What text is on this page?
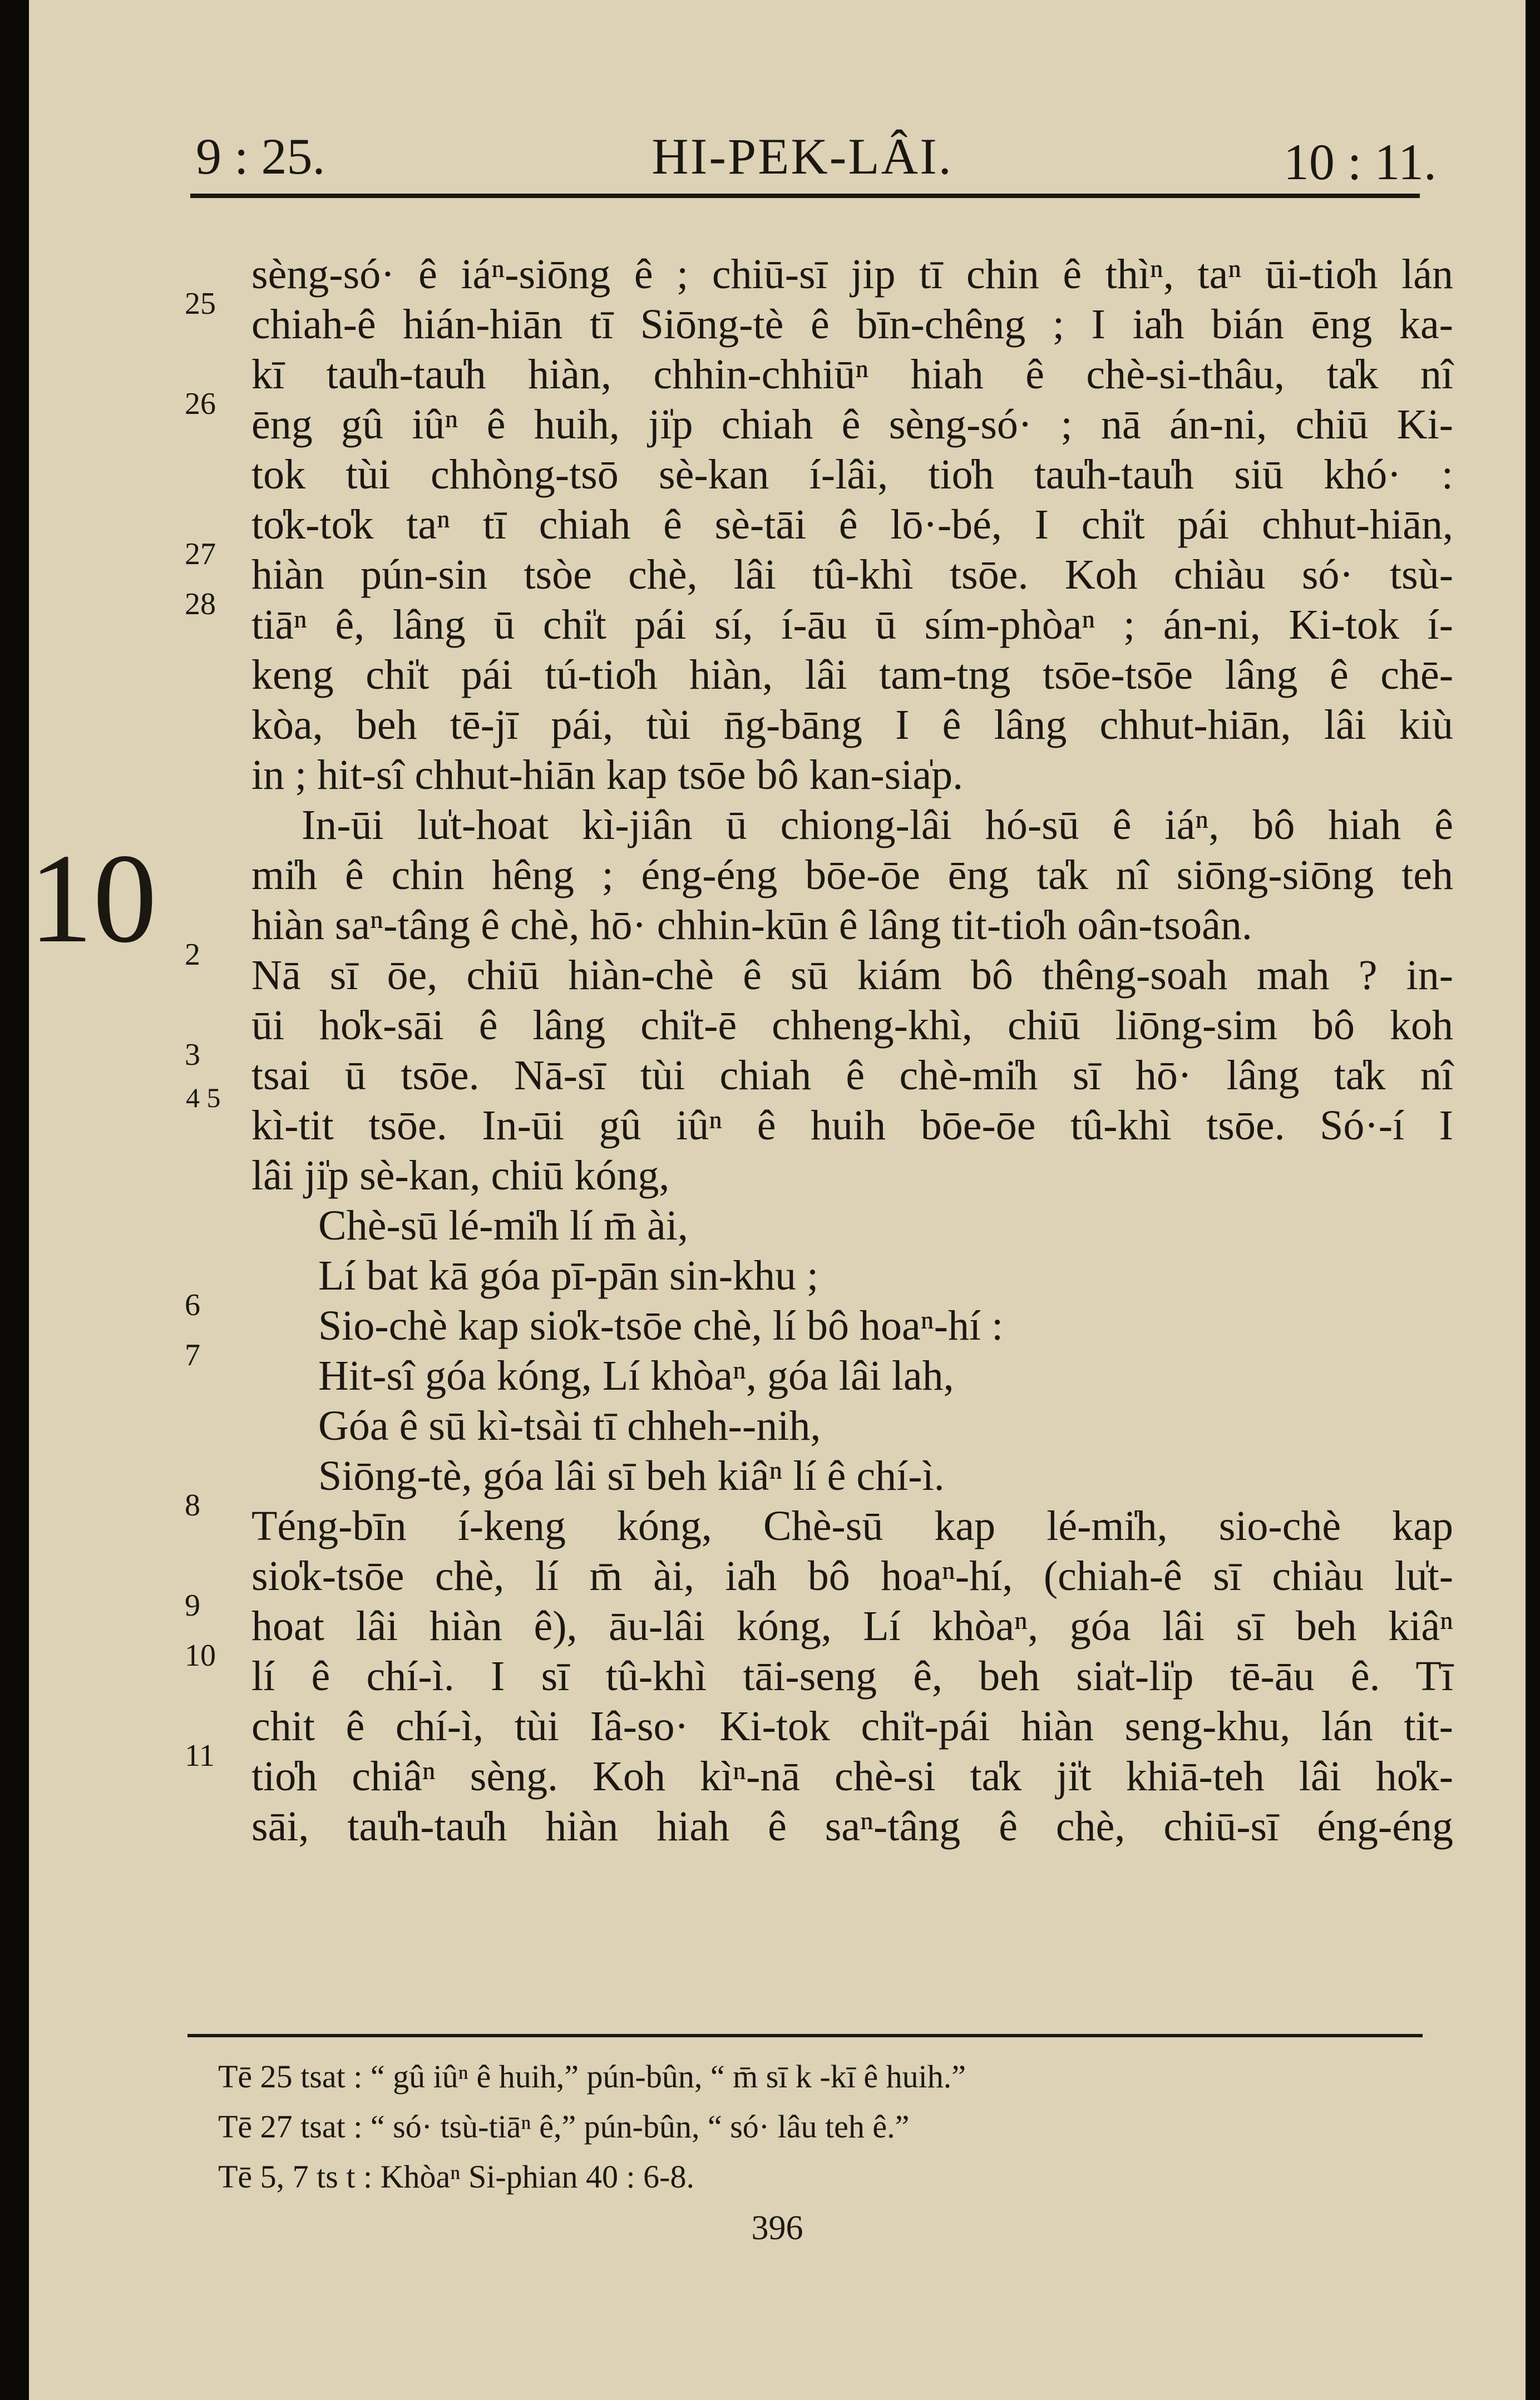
9 : 25.	HI-PEK-LÂI.	10 : 11.
10
sèng-só· ê iáⁿ-siōng ê ; chiū-sī jip tī chin ê thìⁿ, taⁿ ūi-tio̍h lán
25 chiah-ê hián-hiān tī Siōng-tè ê bīn-chêng ; I ia̍h bián ēng ka-
kī tau̍h-tau̍h hiàn, chhin-chhiūⁿ hiah ê chè-si-thâu, ta̍k nî
26 ēng gû iûⁿ ê huih, ji̍p chiah ê sèng-só· ; nā án-ni, chiū Ki-
tok tùi chhòng-tsō sè-kan í-lâi, tio̍h tau̍h-tau̍h siū khó· :
to̍k-to̍k taⁿ tī chiah ê sè-tāi ê lō·-bé, I chi̍t pái chhut-hiān,
27 hiàn pún-sin tsòe chè, lâi tû-khì tsōe. Koh chiàu só· tsù-
28 tiāⁿ ê, lâng ū chi̍t pái sí, í-āu ū sím-phòaⁿ ; án-ni, Ki-tok í-
keng chi̍t pái tú-tio̍h hiàn, lâi tam-tng tsōe-tsōe lâng ê chē-
kòa, beh tē-jī pái, tùi n̄g-bāng I ê lâng chhut-hiān, lâi kiù
in ; hit-sî chhut-hiān kap tsōe bô kan-sia̍p.
In-ūi lu̍t-hoat kì-jiân ū chiong-lâi hó-sū ê iáⁿ, bô hiah ê
mi̍h ê chin hêng ; éng-éng bōe-ōe ēng ta̍k nî siōng-siōng teh
hiàn saⁿ-tâng ê chè, hō· chhin-kūn ê lâng tit-tio̍h oân-tsoân.
2 Nā sī ōe, chiū hiàn-chè ê sū kiám bô thêng-soah mah ? in-
ūi ho̍k-sāi ê lâng chi̍t-ē chheng-khì, chiū liōng-sim bô koh
3 tsai ū tsōe. Nā-sī tùi chiah ê chè-mi̍h sī hō· lâng ta̍k nî
4 5
kì-tit tsōe. In-ūi gû iûⁿ ê huih bōe-ōe tû-khì tsōe. Só·-í I
lâi ji̍p sè-kan, chiū kóng,
Chè-sū lé-mi̍h lí m̄ ài,
Lí bat kā góa pī-pān sin-khu ;
6	Sio-chè kap sio̍k-tsōe chè, lí bô hoaⁿ-hí :
7	Hit-sî góa kóng, Lí khòaⁿ, góa lâi lah,
Góa ê sū kì-tsài tī chheh--nih,
Siōng-tè, góa lâi sī beh kiâⁿ lí ê chí-ì.
8 Téng-bīn í-keng kóng, Chè-sū kap lé-mi̍h, sio-chè kap
sio̍k-tsōe chè, lí m̄ ài, ia̍h bô hoaⁿ-hí, (chiah-ê sī chiàu lu̍t-
9 hoat lâi hiàn ê), āu-lâi kóng, Lí khòaⁿ, góa lâi sī beh kiâⁿ
10 lí ê chí-ì. I sī tû-khì tāi-seng ê, beh sia̍t-li̍p tē-āu ê. Tī
chit ê chí-ì, tùi Iâ-so· Ki-tok chi̍t-pái hiàn seng-khu, lán tit-
11 tio̍h chiâⁿ sèng. Koh kìⁿ-nā chè-si ta̍k ji̍t khiā-teh lâi ho̍k-
sāi, tau̍h-tau̍h hiàn hiah ê saⁿ-tâng ê chè, chiū-sī éng-éng
Tē 25 tsat : “ gû iûⁿ ê huih,” pún-bûn, “ m̄ sī k -kī ê huih.”
Tē 27 tsat : “ só· tsù-tiāⁿ ê,” pún-bûn, “ só· lâu teh ê.”
Tē 5, 7 ts t : Khòaⁿ Si-phian 40 : 6-8.
396
